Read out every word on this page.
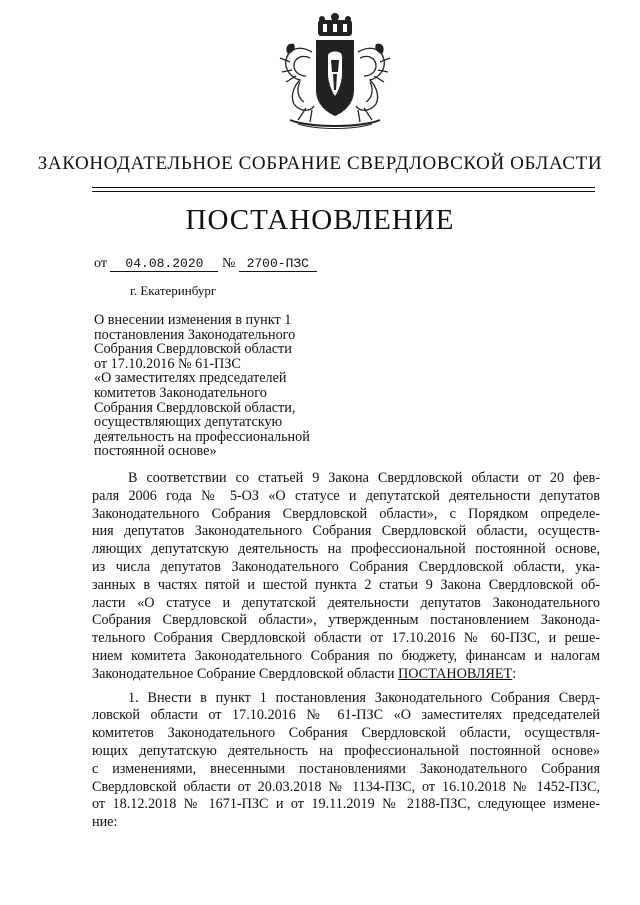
ЗАКОНОДАТЕЛЬНОЕ СОБРАНИЕ СВЕРДЛОВСКОЙ ОБЛАСТИ
ПОСТАНОВЛЕНИЕ
от 04.08.2020 № 2700-ПЗС
г. Екатеринбург
О внесении изменения в пункт 1
постановления Законодательного
Собрания Свердловской области
от 17.10.2016 № 61-ПЗС
«О заместителях председателей
комитетов Законодательного
Собрания Свердловской области,
осуществляющих депутатскую
деятельность на профессиональной
постоянной основе»
В соответствии со статьей 9 Закона Свердловской области от 20 фев-
раля 2006 года № 5-ОЗ «О статусе и депутатской деятельности депутатов
Законодательного Собрания Свердловской области», с Порядком определе-
ния депутатов Законодательного Собрания Свердловской области, осуществ-
ляющих депутатскую деятельность на профессиональной постоянной основе,
из числа депутатов Законодательного Собрания Свердловской области, ука-
занных в частях пятой и шестой пункта 2 статьи 9 Закона Свердловской об-
ласти «О статусе и депутатской деятельности депутатов Законодательного
Собрания Свердловской области», утвержденным постановлением Законода-
тельного Собрания Свердловской области от 17.10.2016 № 60-ПЗС, и реше-
нием комитета Законодательного Собрания по бюджету, финансам и налогам
Законодательное Собрание Свердловской области ПОСТАНОВЛЯЕТ:
1. Внести в пункт 1 постановления Законодательного Собрания Сверд-
ловской области от 17.10.2016 № 61-ПЗС «О заместителях председателей
комитетов Законодательного Собрания Свердловской области, осуществля-
ющих депутатскую деятельность на профессиональной постоянной основе»
с изменениями, внесенными постановлениями Законодательного Собрания
Свердловской области от 20.03.2018 № 1134-ПЗС, от 16.10.2018 № 1452-ПЗС,
от 18.12.2018 № 1671-ПЗС и от 19.11.2019 № 2188-ПЗС, следующее измене-
ние:
